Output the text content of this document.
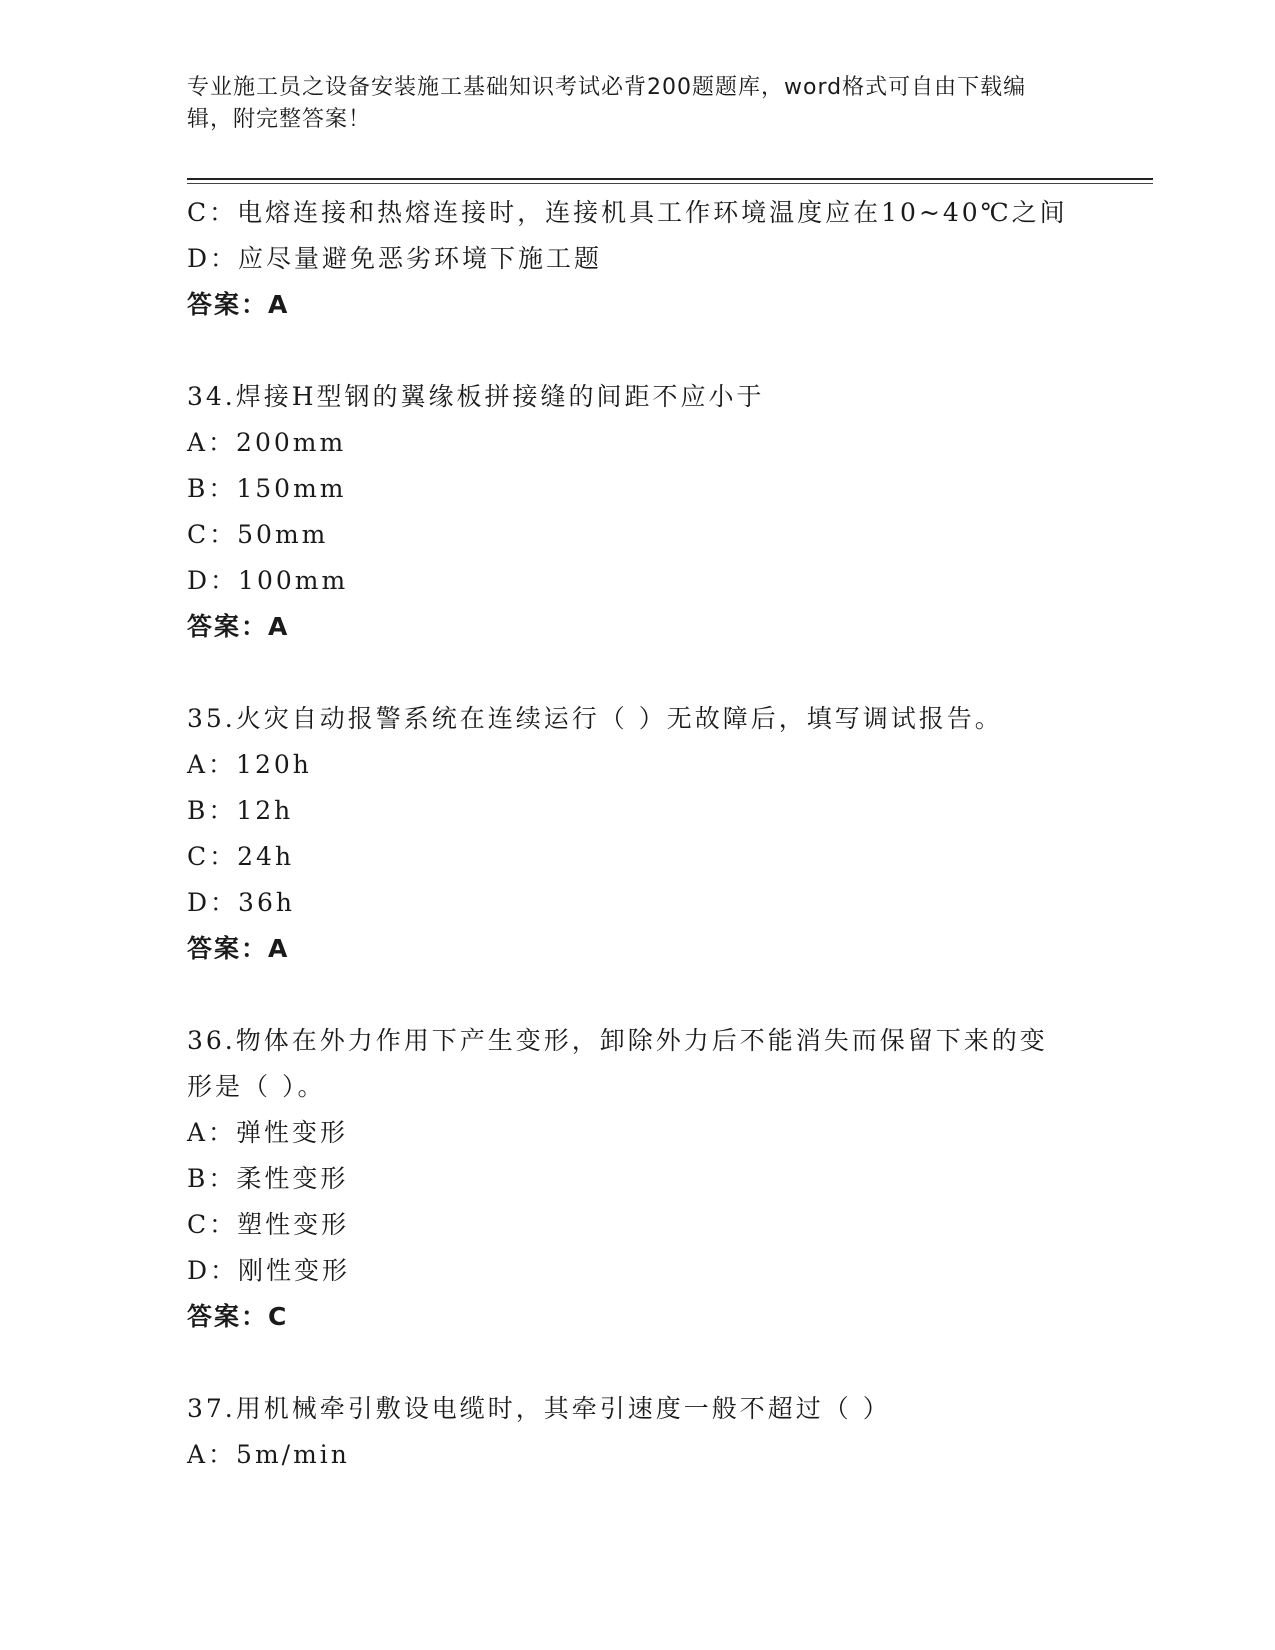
专业施工员之设备安装施工基础知识考试必背200题题库，word格式可自由下载编辑，附完整答案！
C：电熔连接和热熔连接时，连接机具工作环境温度应在10~40℃之间
D：应尽量避免恶劣环境下施工题
答案：A
34.焊接H型钢的翼缘板拼接缝的间距不应小于
A：200mm
B：150mm
C：50mm
D：100mm
答案：A
35.火灾自动报警系统在连续运行（ ）无故障后，填写调试报告。
A：120h
B：12h
C：24h
D：36h
答案：A
36.物体在外力作用下产生变形，卸除外力后不能消失而保留下来的变形是（ ）。
A：弹性变形
B：柔性变形
C：塑性变形
D：刚性变形
答案：C
37.用机械牵引敷设电缆时，其牵引速度一般不超过（ ）
A：5m/min
